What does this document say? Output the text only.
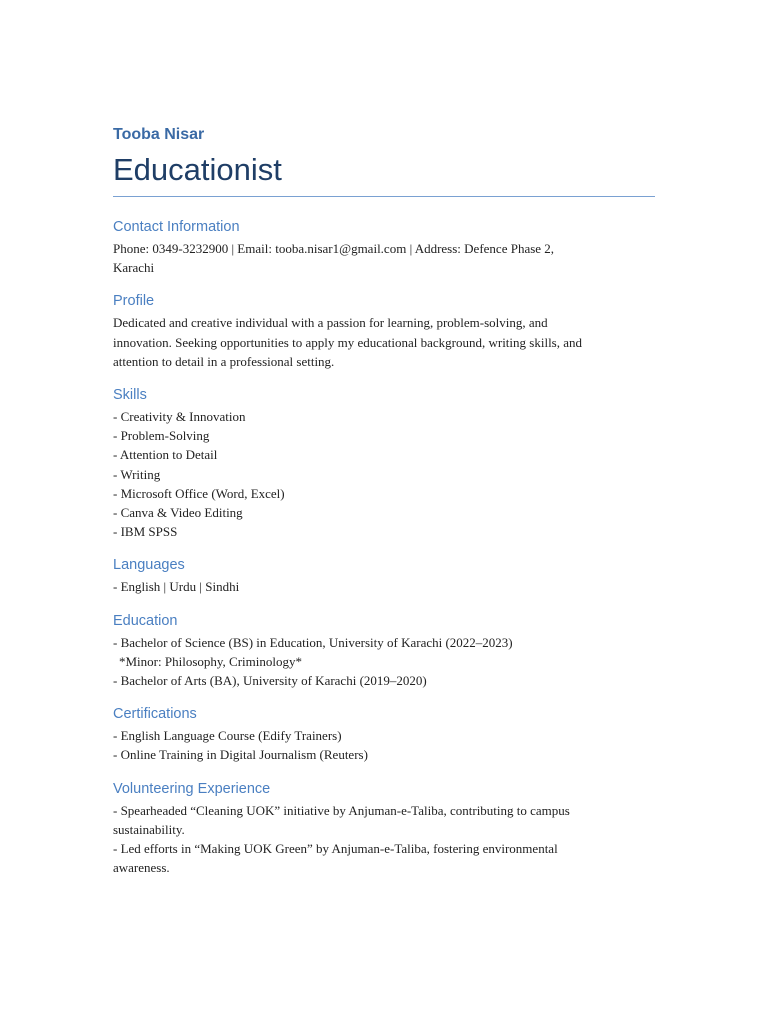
Tooba Nisar
Educationist
Contact Information
Phone: 0349-3232900 | Email: tooba.nisar1@gmail.com | Address: Defence Phase 2,
Karachi
Profile
Dedicated and creative individual with a passion for learning, problem-solving, and
innovation. Seeking opportunities to apply my educational background, writing skills, and
attention to detail in a professional setting.
Skills
- Creativity & Innovation
- Problem-Solving
- Attention to Detail
- Writing
- Microsoft Office (Word, Excel)
- Canva & Video Editing
- IBM SPSS
Languages
- English | Urdu | Sindhi
Education
- Bachelor of Science (BS) in Education, University of Karachi (2022–2023)
*Minor: Philosophy, Criminology*
- Bachelor of Arts (BA), University of Karachi (2019–2020)
Certifications
- English Language Course (Edify Trainers)
- Online Training in Digital Journalism (Reuters)
Volunteering Experience
- Spearheaded “Cleaning UOK” initiative by Anjuman-e-Taliba, contributing to campus
sustainability.
- Led efforts in “Making UOK Green” by Anjuman-e-Taliba, fostering environmental
awareness.
